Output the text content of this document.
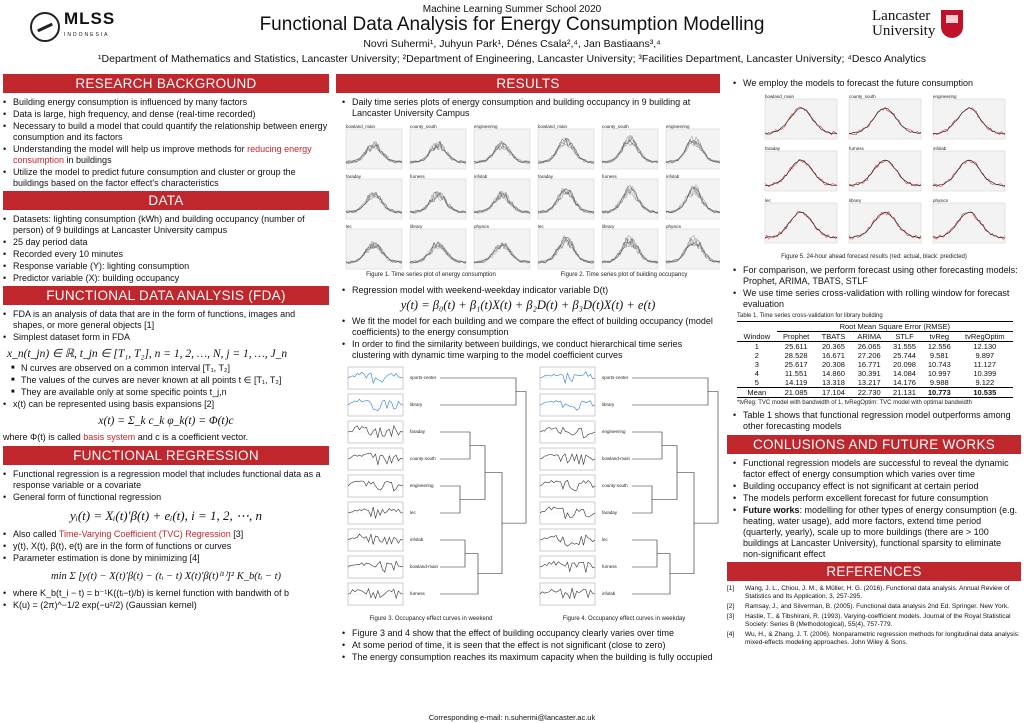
MLSS
INDONESIA
Machine Learning Summer School 2020
Functional Data Analysis for Energy Consumption Modelling
Novri Suhermi¹, Juhyun Park¹, Dénes Csala²,⁴, Jan Bastiaans³,⁴
¹Department of Mathematics and Statistics, Lancaster University; ²Department of Engineering, Lancaster University; ³Facilities Department, Lancaster University; ⁴Desco Analytics
Lancaster
University
RESEARCH BACKGROUND
• Building energy consumption is influenced by many factors
• Data is large, high frequency, and dense (real-time recorded)
• Necessary to build a model that could quantify the relationship between energy consumption and its factors
• Understanding the model will help us improve methods for reducing energy consumption in buildings
• Utilize the model to predict future consumption and cluster or group the buildings based on the factor effect's characteristics
DATA
• Datasets: lighting consumption (kWh) and building occupancy (number of person) of 9 buildings at Lancaster University campus
• 25 day period data
• Recorded every 10 minutes
• Response variable (Y): lighting consumption
• Predictor variable (X): building occupancy
FUNCTIONAL DATA ANALYSIS (FDA)
• FDA is an analysis of data that are in the form of functions, images and shapes, or more general objects [1]
• Simplest dataset form in FDA
x_n(t_jn) ∈ ℝ, t_jn ∈ [T₁, T₂], n = 1, 2, …, N, j = 1, …, J_n
■ N curves are observed on a common interval [T₁, T₂]
■ The values of the curves are never known at all points t ∈ [T₁, T₂]
■ They are available only at some specific points t_j,n
• x(t) can be represented using basis expansions [2]
x(t) = Σ_k c_k φ_k(t) = Φ(t)c
where Φ(t) is called basis system and c is a coefficient vector.
FUNCTIONAL REGRESSION
• Functional regression is a regression model that includes functional data as a response variable or a covariate
• General form of functional regression
yᵢ(t) = Xᵢ(t)′β(t) + eᵢ(t), i = 1, 2, ⋯, n
• Also called Time-Varying Coefficient (TVC) Regression [3]
• y(t), X(t), β(t), e(t) are in the form of functions or curves
• Parameter estimation is done by minimizing [4]
min Σ [y(t) − X(t)′β(t) − (tᵢ − t) X(t)′β(t)⁽¹⁾]² K_b(tᵢ − t)
• where K_b(t_i − t) = b⁻¹K((tᵢ−t)/b) is kernel function with bandwith of b
• K(u) = (2π)^−1/2 exp(−u²/2) (Gaussian kernel)
RESULTS
• Daily time series plots of energy consumption and building occupancy in 9 building at Lancaster University Campus
bowland_main	county_south	engineering
faraday	furness	infolab
lec	library	physics
bowland_main	county_south	engineering
faraday	furness	infolab
lec	library	physics
Figure 1. Time series plot of energy consumption	Figure 2. Time series plot of building occupancy
• Regression model with weekend-weekday indicator variable D(t)
y(t) = β₀(t) + β₁(t)X(t) + β₂D(t) + β₃D(t)X(t) + e(t)
• We fit the model for each building and we compare the effect of building occupancy (model coefficients) to the energy consumption
• In order to find the similarity between buildings, we conduct hierarchical time series clustering with dynamic time warping to the model coefficient curves
sports-center
library
faraday
county-south
engineering
lec
infolab
bowland-main
furness
sports-center
library
engineering
bowland-main
county-south
faraday
lec
furness
infolab
Figure 3. Occupancy effect curves in weekend	Figure 4. Occupancy effect curves in weekday
• Figure 3 and 4 show that the effect of building occupancy clearly varies over time
• At some period of time, it is seen that the effect is not significant (close to zero)
• The energy consumption reaches its maximum capacity when the building is fully occupied
• We employ the models to forecast the future consumption
bowland_main	county_south	engineering
faraday	furness	infolab
lec	library	physics
Figure 5. 24-hour ahead forecast results (red: actual, black: predicted)
• For comparison, we perform forecast using other forecasting models: Prophet, ARIMA, TBATS, STLF
• We use time series cross-validation with rolling window for forecast evaluation
Table 1. Time series cross-validation for library building
	Root Mean Square Error (RMSE)					
Window	Prophet	TBATS	ARIMA	STLF	tvReg	tvRegOptim
1	25.611	20.365	26.065	31.555	12.556	12.130
2	28.528	16.671	27.206	25.744	9.581	9.897
3	25.617	20.308	16.771	20.098	10.743	11.127
4	11.551	14.860	30.391	14.084	10.997	10.399
5	14.119	13.318	13.217	14.176	9.988	9.122
Mean	21.085	17.104	22.730	21.131	10.773	10.535
*tvReg: TVC model with bandwidth of 1, tvRegOptim: TVC model with optimal bandwidth
• Table 1 shows that functional regression model outperforms among other forecasting models
CONLUSIONS AND FUTURE WORKS
• Functional regression models are successful to reveal the dynamic factor effect of energy consumption which varies over time
• Building occupancy effect is not significant at certain period
• The models perform excellent forecast for future consumption
• Future works: modelling for other types of energy consumption (e.g. heating, water usage), add more factors, extend time period (quarterly, yearly), scale up to more buildings (there are > 100 buildings at Lancaster University), functional sparsity to eliminate non-significant effect
REFERENCES
[1] Wang, J. L., Chiou, J. M., & Müller, H. G. (2016). Functional data analysis. Annual Review of Statistics and Its Application, 3, 257-295.
[2] Ramsay, J., and Silverman, B. (2005). Functional data analysis 2nd Ed. Springer. New York.
[3] Hastie, T., & Tibshirani, R. (1993). Varying-coefficient models. Journal of the Royal Statistical Society: Series B (Methodological), 55(4), 757-779.
[4] Wu, H., & Zhang, J. T. (2006). Nonparametric regression methods for longitudinal data analysis: mixed-effects modeling approaches. John Wiley & Sons.
Corresponding e-mail: n.suhermi@lancaster.ac.uk
